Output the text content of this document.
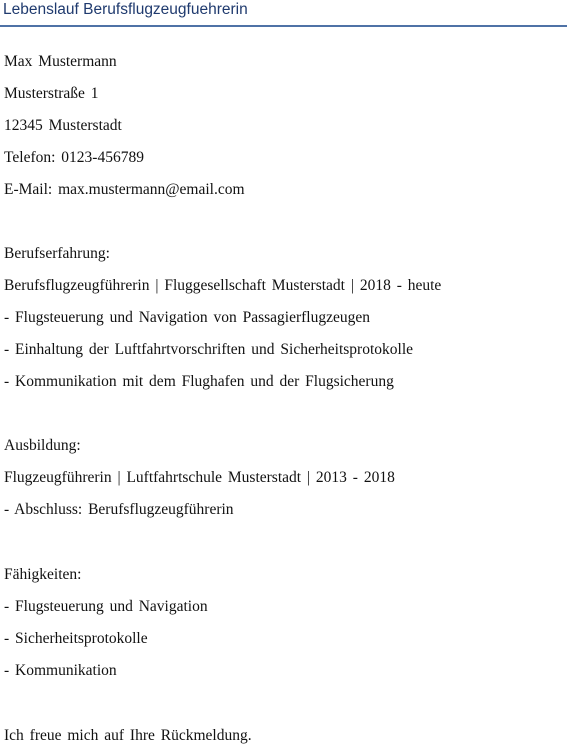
Lebenslauf Berufsflugzeugfuehrerin
Max Mustermann
Musterstraße 1
12345 Musterstadt
Telefon: 0123-456789
E-Mail: max.mustermann@email.com
Berufserfahrung:
Berufsflugzeugführerin | Fluggesellschaft Musterstadt | 2018 - heute
- Flugsteuerung und Navigation von Passagierflugzeugen
- Einhaltung der Luftfahrtvorschriften und Sicherheitsprotokolle
- Kommunikation mit dem Flughafen und der Flugsicherung
Ausbildung:
Flugzeugführerin | Luftfahrtschule Musterstadt | 2013 - 2018
- Abschluss: Berufsflugzeugführerin
Fähigkeiten:
- Flugsteuerung und Navigation
- Sicherheitsprotokolle
- Kommunikation
Ich freue mich auf Ihre Rückmeldung.
